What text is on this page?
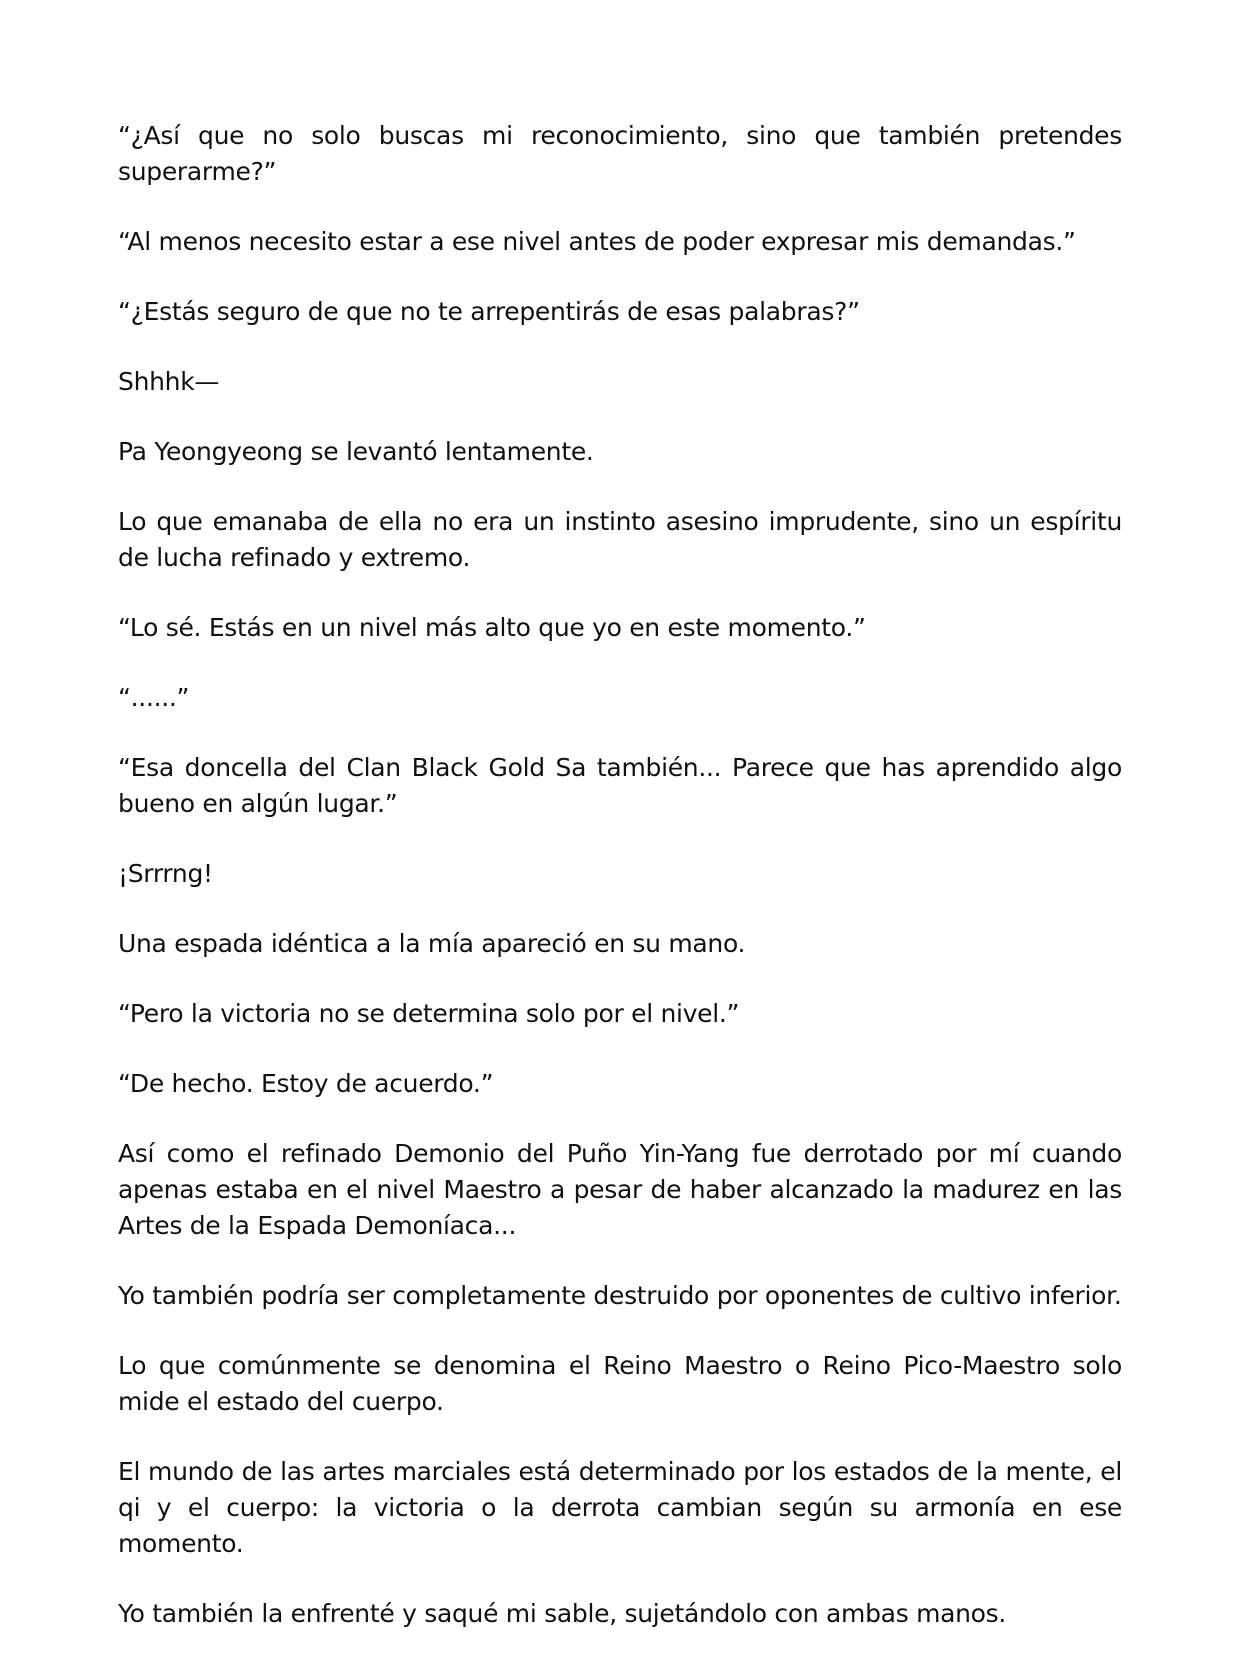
“¿Así que no solo buscas mi reconocimiento, sino que también pretendes superarme?”

“Al menos necesito estar a ese nivel antes de poder expresar mis demandas.”

“¿Estás seguro de que no te arrepentirás de esas palabras?”

Shhhk—

Pa Yeongyeong se levantó lentamente.

Lo que emanaba de ella no era un instinto asesino imprudente, sino un espíritu de lucha refinado y extremo.

“Lo sé. Estás en un nivel más alto que yo en este momento.”

“......”

“Esa doncella del Clan Black Gold Sa también... Parece que has aprendido algo bueno en algún lugar.”

¡Srrrng!

Una espada idéntica a la mía apareció en su mano.

“Pero la victoria no se determina solo por el nivel.”

“De hecho. Estoy de acuerdo.”

Así como el refinado Demonio del Puño Yin-Yang fue derrotado por mí cuando apenas estaba en el nivel Maestro a pesar de haber alcanzado la madurez en las Artes de la Espada Demoníaca...

Yo también podría ser completamente destruido por oponentes de cultivo inferior.

Lo que comúnmente se denomina el Reino Maestro o Reino Pico-Maestro solo mide el estado del cuerpo.

El mundo de las artes marciales está determinado por los estados de la mente, el qi y el cuerpo: la victoria o la derrota cambian según su armonía en ese momento.

Yo también la enfrenté y saqué mi sable, sujetándolo con ambas manos.
